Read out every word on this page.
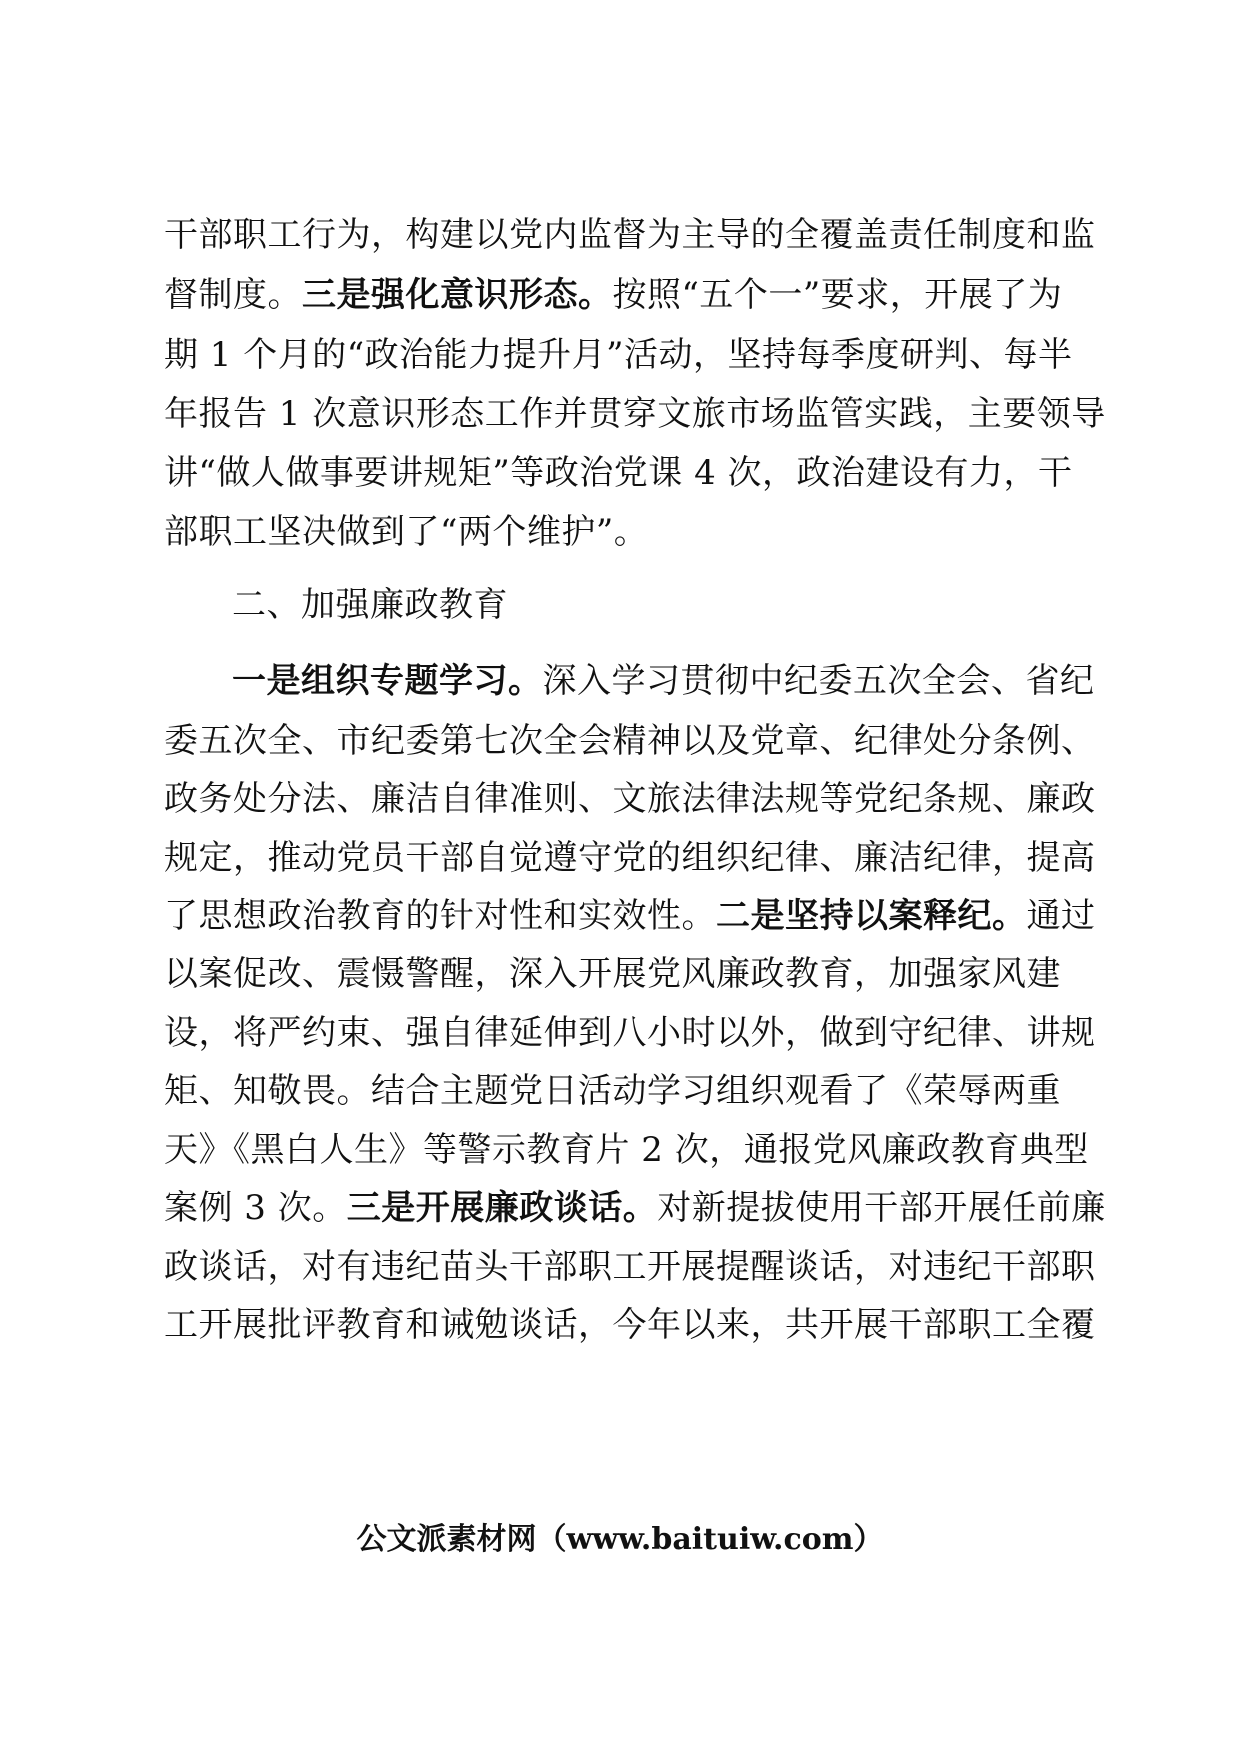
干部职工行为，构建以党内监督为主导的全覆盖责任制度和监
督制度。三是强化意识形态。按照“五个一”要求，开展了为
期 1 个月的“政治能力提升月”活动，坚持每季度研判、每半
年报告 1 次意识形态工作并贯穿文旅市场监管实践，主要领导
讲“做人做事要讲规矩”等政治党课 4 次，政治建设有力，干
部职工坚决做到了“两个维护”。
二、加强廉政教育
一是组织专题学习。深入学习贯彻中纪委五次全会、省纪
委五次全、市纪委第七次全会精神以及党章、纪律处分条例、
政务处分法、廉洁自律准则、文旅法律法规等党纪条规、廉政
规定，推动党员干部自觉遵守党的组织纪律、廉洁纪律，提高
了思想政治教育的针对性和实效性。二是坚持以案释纪。通过
以案促改、震慑警醒，深入开展党风廉政教育，加强家风建
设，将严约束、强自律延伸到八小时以外，做到守纪律、讲规
矩、知敬畏。结合主题党日活动学习组织观看了《荣辱两重
天》《黑白人生》等警示教育片 2 次，通报党风廉政教育典型
案例 3 次。三是开展廉政谈话。对新提拔使用干部开展任前廉
政谈话，对有违纪苗头干部职工开展提醒谈话，对违纪干部职
工开展批评教育和诫勉谈话，今年以来，共开展干部职工全覆
公文派素材网（www.baituiw.com）
